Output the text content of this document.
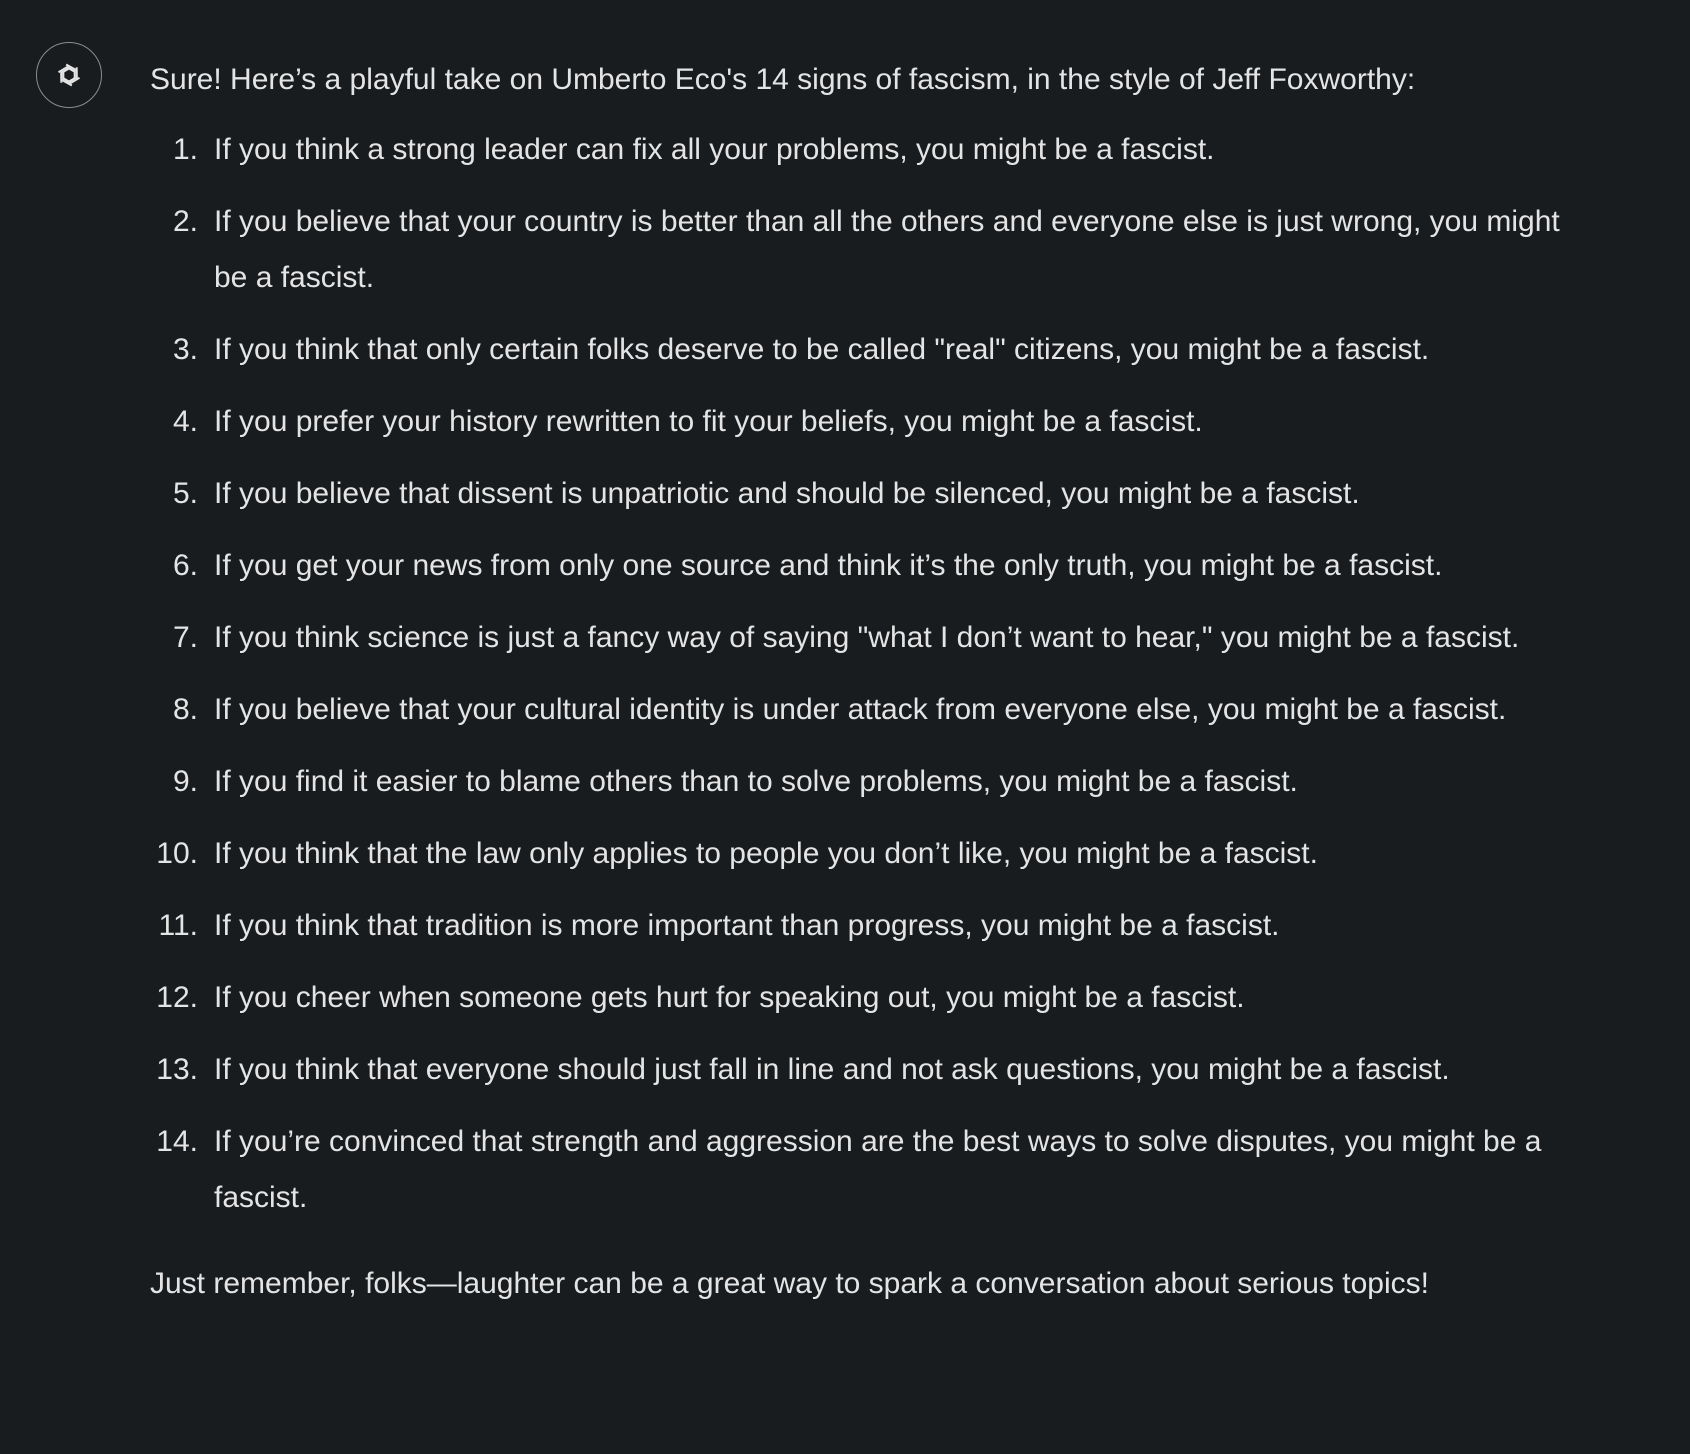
Sure! Here’s a playful take on Umberto Eco's 14 signs of fascism, in the style of Jeff Foxworthy:

1. If you think a strong leader can fix all your problems, you might be a fascist.
2. If you believe that your country is better than all the others and everyone else is just wrong, you might be a fascist.
3. If you think that only certain folks deserve to be called "real" citizens, you might be a fascist.
4. If you prefer your history rewritten to fit your beliefs, you might be a fascist.
5. If you believe that dissent is unpatriotic and should be silenced, you might be a fascist.
6. If you get your news from only one source and think it’s the only truth, you might be a fascist.
7. If you think science is just a fancy way of saying "what I don’t want to hear," you might be a fascist.
8. If you believe that your cultural identity is under attack from everyone else, you might be a fascist.
9. If you find it easier to blame others than to solve problems, you might be a fascist.
10. If you think that the law only applies to people you don’t like, you might be a fascist.
11. If you think that tradition is more important than progress, you might be a fascist.
12. If you cheer when someone gets hurt for speaking out, you might be a fascist.
13. If you think that everyone should just fall in line and not ask questions, you might be a fascist.
14. If you’re convinced that strength and aggression are the best ways to solve disputes, you might be a fascist.

Just remember, folks—laughter can be a great way to spark a conversation about serious topics!
